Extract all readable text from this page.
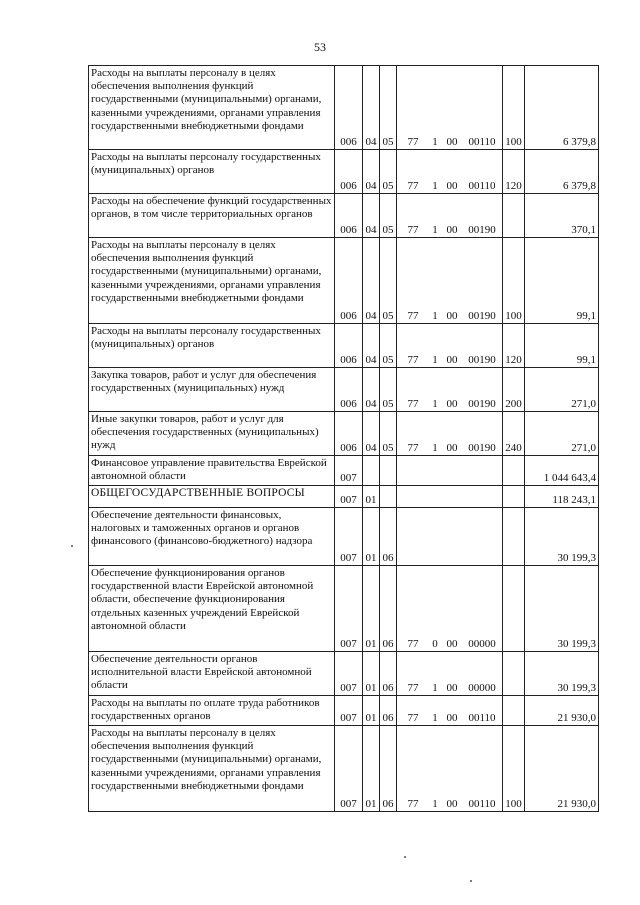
53
Расходы на выплаты персоналу в целях обеспечения выполнения функций государственными (муниципальными) органами, казенными учреждениями, органами управления государственными внебюджетными фондами	006	04	05	77 1 00 00110	100	6 379,8
Расходы на выплаты персоналу государственных (муниципальных) органов	006	04	05	77 1 00 00110	120	6 379,8
Расходы на обеспечение функций государственных органов, в том числе территориальных органов	006	04	05	77 1 00 00190		370,1
Расходы на выплаты персоналу в целях обеспечения выполнения функций государственными (муниципальными) органами, казенными учреждениями, органами управления государственными внебюджетными фондами	006	04	05	77 1 00 00190	100	99,1
Расходы на выплаты персоналу государственных (муниципальных) органов	006	04	05	77 1 00 00190	120	99,1
Закупка товаров, работ и услуг для обеспечения государственных (муниципальных) нужд	006	04	05	77 1 00 00190	200	271,0
Иные закупки товаров, работ и услуг для обеспечения государственных (муниципальных) нужд	006	04	05	77 1 00 00190	240	271,0
Финансовое управление правительства Еврейской автономной области	007					1 044 643,4
ОБЩЕГОСУДАРСТВЕННЫЕ ВОПРОСЫ	007	01				118 243,1
Обеспечение деятельности финансовых, налоговых и таможенных органов и органов финансового (финансово-бюджетного) надзора	007	01	06			30 199,3
Обеспечение функционирования органов государственной власти Еврейской автономной области, обеспечение функционирования отдельных казенных учреждений Еврейской автономной области	007	01	06	77 0 00 00000		30 199,3
Обеспечение деятельности органов исполнительной власти Еврейской автономной области	007	01	06	77 1 00 00000		30 199,3
Расходы на выплаты по оплате труда работников государственных органов	007	01	06	77 1 00 00110		21 930,0
Расходы на выплаты персоналу в целях обеспечения выполнения функций государственными (муниципальными) органами, казенными учреждениями, органами управления государственными внебюджетными фондами	007	01	06	77 1 00 00110	100	21 930,0
